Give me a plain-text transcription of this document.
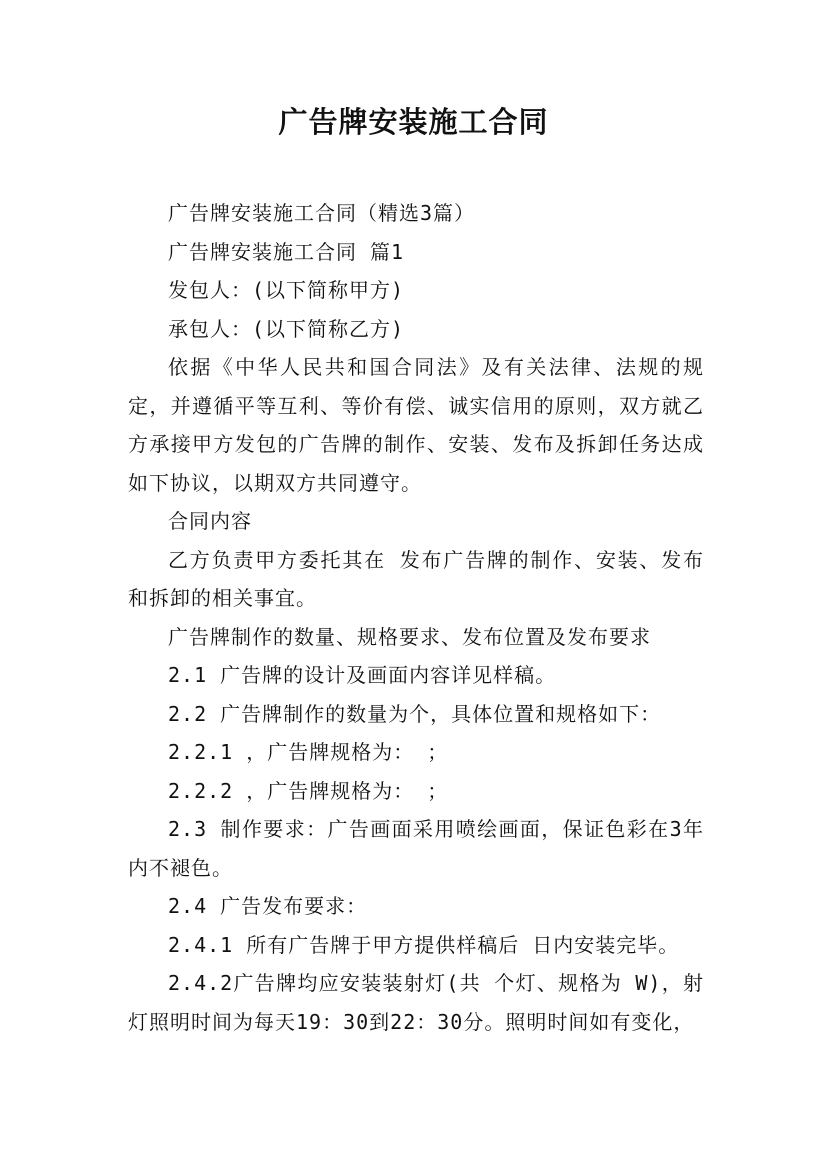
广告牌安装施工合同

广告牌安装施工合同（精选3篇）

广告牌安装施工合同 篇1

发包人：(以下简称甲方)

承包人：(以下简称乙方)

依据《中华人民共和国合同法》及有关法律、法规的规定，并遵循平等互利、等价有偿、诚实信用的原则，双方就乙方承接甲方发包的广告牌的制作、安装、发布及拆卸任务达成如下协议，以期双方共同遵守。

合同内容

乙方负责甲方委托其在 发布广告牌的制作、安装、发布和拆卸的相关事宜。

广告牌制作的数量、规格要求、发布位置及发布要求

2.1 广告牌的设计及画面内容详见样稿。

2.2 广告牌制作的数量为个，具体位置和规格如下：

2.2.1 ，广告牌规格为： ；

2.2.2 ，广告牌规格为： ；

2.3 制作要求：广告画面采用喷绘画面，保证色彩在3年内不褪色。

2.4 广告发布要求：

2.4.1 所有广告牌于甲方提供样稿后 日内安装完毕。

2.4.2广告牌均应安装装射灯(共 个灯、规格为 W)，射灯照明时间为每天19：30到22：30分。照明时间如有变化，
